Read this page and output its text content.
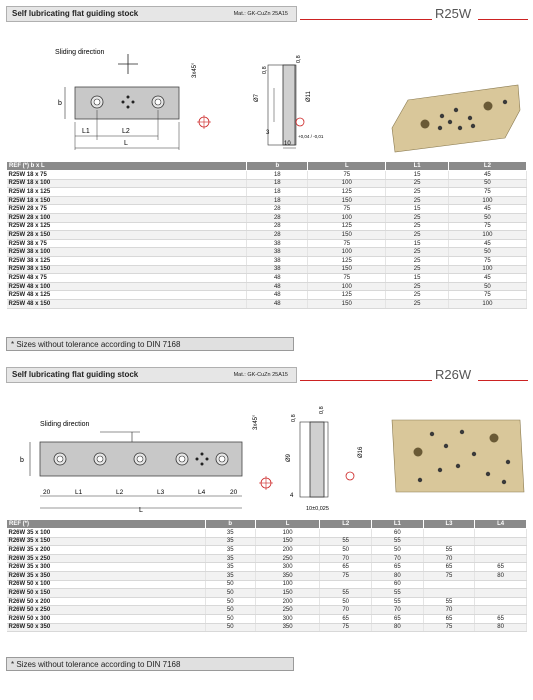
Self lubricating flat guiding stock	Mat.: GK-CuZn 25A15	R25W
Sliding direction
b
L1	L2
L
3x45°
Ø7	Ø11
0,8
0,8
3
10
+0,04 / -0,01
REF (*) b x L	b	L	L1	L2
R25W 18 x 75	18	75	15	45
R25W 18 x 100	18	100	25	50
R25W 18 x 125	18	125	25	75
R25W 18 x 150	18	150	25	100
R25W 28 x 75	28	75	15	45
R25W 28 x 100	28	100	25	50
R25W 28 x 125	28	125	25	75
R25W 28 x 150	28	150	25	100
R25W 38 x 75	38	75	15	45
R25W 38 x 100	38	100	25	50
R25W 38 x 125	38	125	25	75
R25W 38 x 150	38	150	25	100
R25W 48 x 75	48	75	15	45
R25W 48 x 100	48	100	25	50
R25W 48 x 125	48	125	25	75
R25W 48 x 150	48	150	25	100
* Sizes without tolerance according to DIN 7168
Self lubricating flat guiding stock	Mat.: GK-CuZn 25A15	R26W
Sliding direction	3x45°
b
20	L1	L2	L3	L4	20
L
Ø9	Ø16
0,8
0,8
4
10±0,025
REF (*)	b	L	L2	L1	L3	L4
R26W 35 x 100	35	100		60		
R26W 35 x 150	35	150	55	55		
R26W 35 x 200	35	200	50	50	55	
R26W 35 x 250	35	250	70	70	70	
R26W 35 x 300	35	300	65	65	65	65
R26W 35 x 350	35	350	75	80	75	80
R26W 50 x 100	50	100		60		
R26W 50 x 150	50	150	55	55		
R26W 50 x 200	50	200	50	55	55	
R26W 50 x 250	50	250	70	70	70	
R26W 50 x 300	50	300	65	65	65	65
R26W 50 x 350	50	350	75	80	75	80
* Sizes without tolerance according to DIN 7168
